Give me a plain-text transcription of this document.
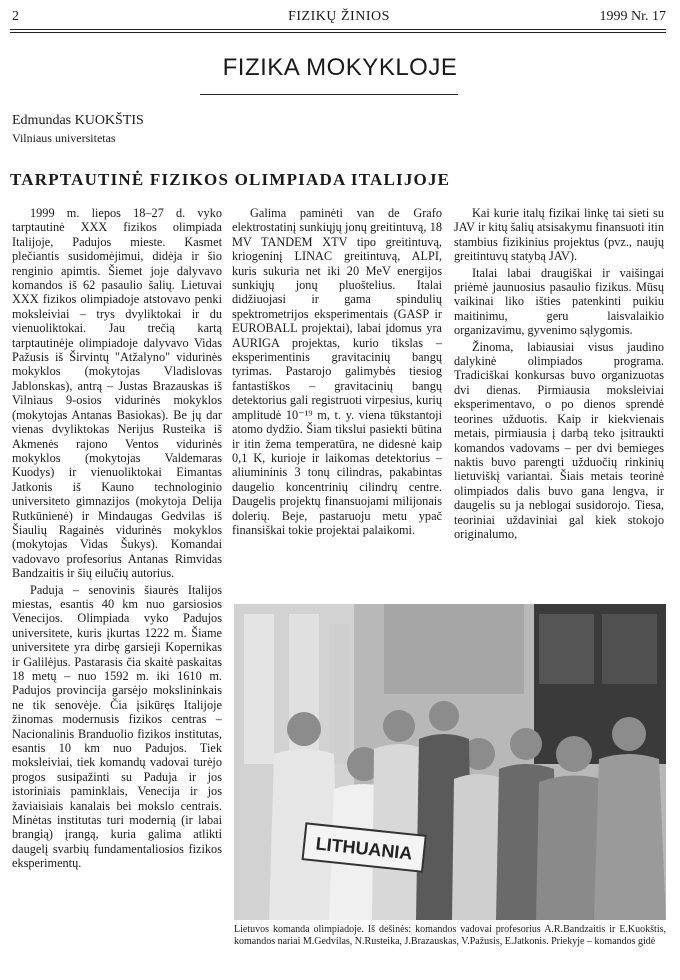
2	FIZIKŲ ŽINIOS	1999 Nr. 17
FIZIKA MOKYKLOJE
Edmundas KUOKŠTIS
Vilniaus universitetas
TARPTAUTINĖ FIZIKOS OLIMPIADA ITALIJOJE

1999 m. liepos 18–27 d. vyko tarptautinė XXX fizikos olimpiada Italijoje, Padujos mieste. Kasmet plečiantis susidomėjimui, didėja ir šio renginio apimtis. Šiemet joje dalyvavo komandos iš 62 pasaulio šalių. Lietuvai XXX fizikos olimpiadoje atstovavo penki moksleiviai – trys dvyliktokai ir du vienuoliktokai. Jau trečią kartą tarptautinėje olimpiadoje dalyvavo Vidas Pažusis iš Širvintų "Atžalyno" vidurinės mokyklos (mokytojas Vladislovas Jablonskas), antrą – Justas Brazauskas iš Vilniaus 9-osios vidurinės mokyklos (mokytojas Antanas Basiokas). Be jų dar vienas dvyliktokas Nerijus Rusteika iš Akmenės rajono Ventos vidurinės mokyklos (mokytojas Valdemaras Kuodys) ir vienuoliktokai Eimantas Jatkonis iš Kauno technologinio universiteto gimnazijos (mokytoja Delija Rutkūnienė) ir Mindaugas Gedvilas iš Šiaulių Ragainės vidurinės mokyklos (mokytojas Vidas Šukys). Komandai vadovavo profesorius Antanas Rimvidas Bandzaitis ir šių eilučių autorius.

Paduja – senovinis šiaurės Italijos miestas, esantis 40 km nuo garsiosios Venecijos. Olimpiada vyko Padujos universitete, kuris įkurtas 1222 m. Šiame universitete yra dirbę garsieji Kopernikas ir Galilėjus. Pastarasis čia skaitė paskaitas 18 metų – nuo 1592 m. iki 1610 m. Padujos provincija garsėjo mokslininkais ne tik senovėje. Čia įsikūręs Italijoje žinomas modernusis fizikos centras – Nacionalinis Branduolio fizikos institutas, esantis 10 km nuo Padujos. Tiek moksleiviai, tiek komandų vadovai turėjo progos susipažinti su Paduja ir jos istoriniais paminklais, Venecija ir jos žaviaisiais kanalais bei mokslo centrais. Minėtas institutas turi modernią (ir labai brangią) įrangą, kuria galima atlikti daugelį svarbių fundamentaliosios fizikos eksperimentų.

Galima paminėti van de Grafo elektrostatinį sunkiųjų jonų greitintuvą, 18 MV TANDEM XTV tipo greitintuvą, kriogeninį LINAC greitintuvą, ALPI, kuris sukuria net iki 20 MeV energijos sunkiųjų jonų pluoštelius. Italai didžiuojasi ir gama spindulių spektrometrijos eksperimentais (GASP ir EUROBALL projektai), labai įdomus yra AURIGA projektas, kurio tikslas – eksperimentinis gravitacinių bangų tyrimas. Pastarojo galimybės tiesiog fantastiškos – gravitacinių bangų detektorius gali registruoti virpesius, kurių amplitudė 10⁻¹⁹ m, t. y. viena tūkstantoji atomo dydžio. Šiam tikslui pasiekti būtina ir itin žema temperatūra, ne didesnė kaip 0,1 K, kurioje ir laikomas detektorius – aliumininis 3 tonų cilindras, pakabintas daugelio koncentrinių cilindrų centre. Daugelis projektų finansuojami milijonais dolerių. Beje, pastaruoju metu ypač finansiškai tokie projektai palaikomi.

Kai kurie italų fizikai linkę tai sieti su JAV ir kitų šalių atsisakymu finansuoti itin stambius fizikinius projektus (pvz., naujų greitintuvų statybą JAV).

Italai labai draugiškai ir vaišingai priėmė jaunuosius pasaulio fizikus. Mūsų vaikinai liko išties patenkinti puikiu maitinimu, geru laisvalaikio organizavimu, gyvenimo sąlygomis.

Žinoma, labiausiai visus jaudino dalykinė olimpiados programa. Tradiciškai konkursas buvo organizuotas dvi dienas. Pirmiausia moksleiviai eksperimentavo, o po dienos sprendė teorines užduotis. Kaip ir kiekvienais metais, pirmiausia į darbą teko įsitraukti komandos vadovams – per dvi bemieges naktis buvo parengti užduočių rinkinių lietuviškį variantai. Šiais metais teorinė olimpiados dalis buvo gana lengva, ir daugelis su ja neblogai susidorojo. Tiesa, teoriniai uždaviniai gal kiek stokojo originalumo,

LITHUANIA
Lietuvos komanda olimpiadoje. Iš dešinės: komandos vadovai profesorius A.R.Bandzaitis ir E.Kuokštis, komandos nariai M.Gedvilas, N.Rusteika, J.Brazauskas, V.Pažusis, E.Jatkonis. Priekyje – komandos gidė
